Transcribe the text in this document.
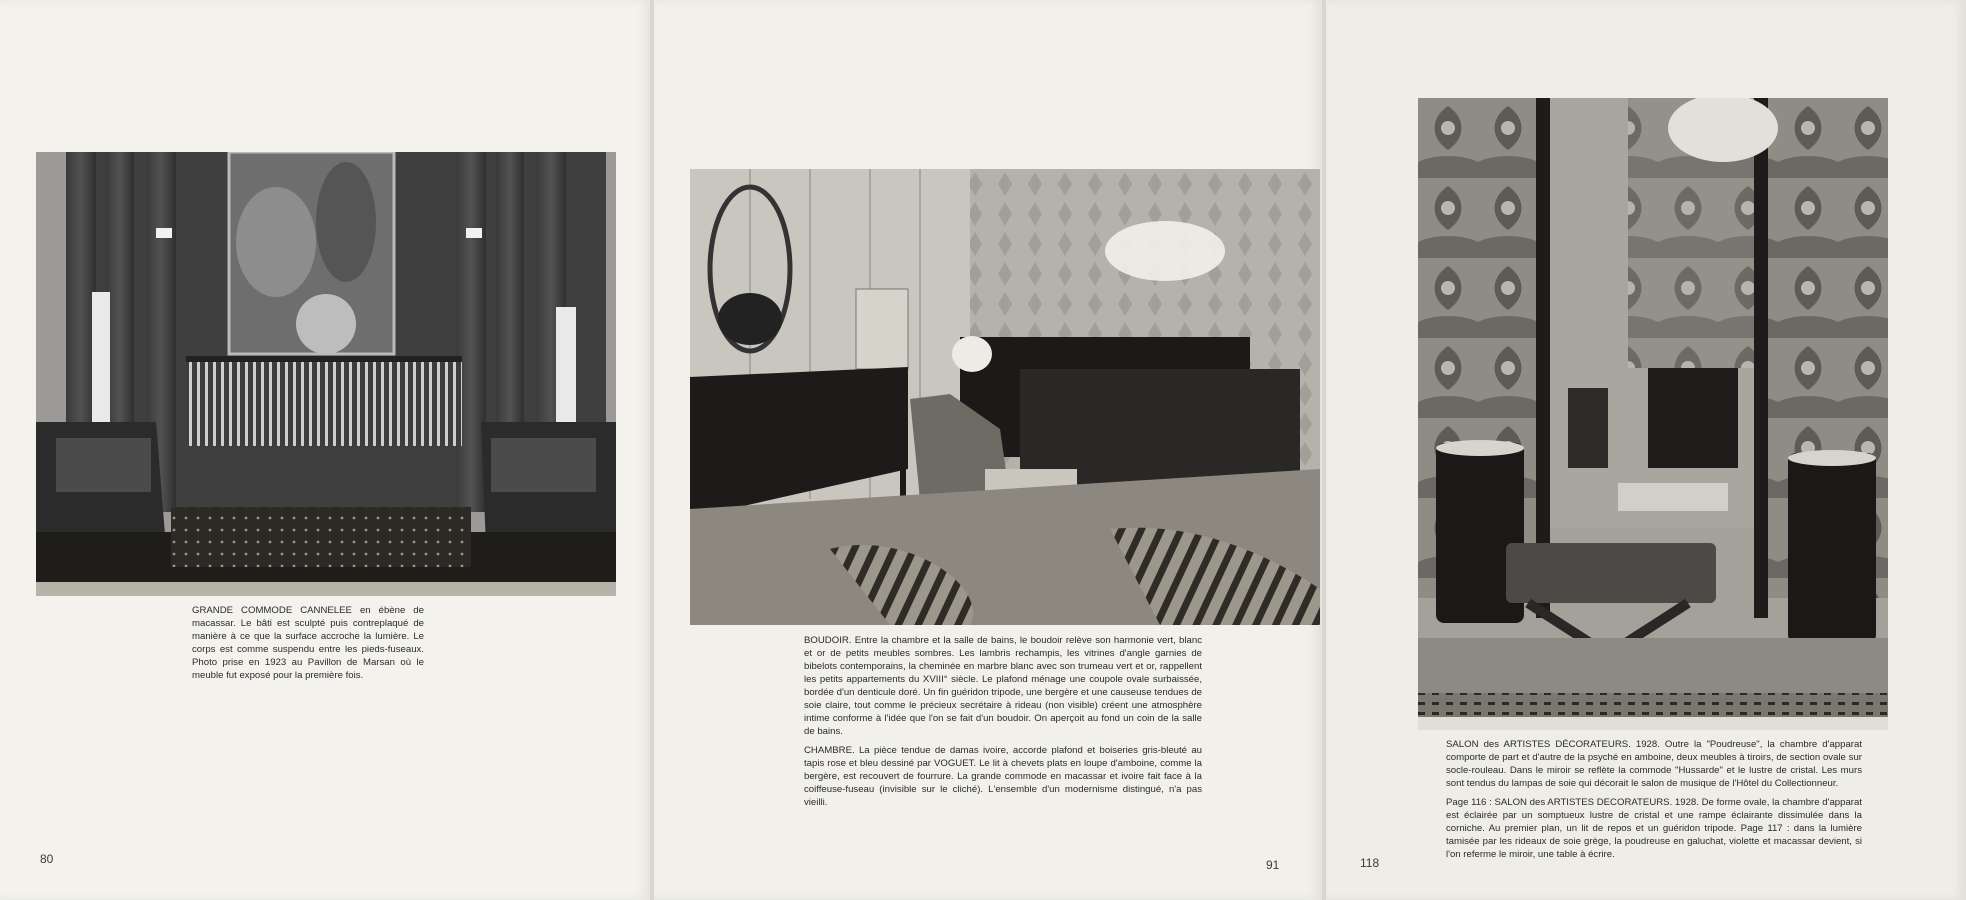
GRANDE COMMODE CANNELEE en ébène de macassar. Le bâti est sculpté puis contreplaqué de manière à ce que la surface accroche la lumière. Le corps est comme suspendu entre les pieds-fuseaux. Photo prise en 1923 au Pavillon de Marsan où le meuble fut exposé pour la première fois.

80

BOUDOIR. Entre la chambre et la salle de bains, le boudoir relève son harmonie vert, blanc et or de petits meubles sombres. Les lambris rechampis, les vitrines d'angle garnies de bibelots contemporains, la cheminée en marbre blanc avec son trumeau vert et or, rappellent les petits appartements du XVIII° siècle. Le plafond ménage une coupole ovale surbaissée, bordée d'un denticule doré. Un fin guéridon tripode, une bergère et une causeuse tendues de soie claire, tout comme le précieux secrétaire à rideau (non visible) créent une atmosphère intime conforme à l'idée que l'on se fait d'un boudoir. On aperçoit au fond un coin de la salle de bains.

CHAMBRE. La pièce tendue de damas ivoire, accorde plafond et boiseries gris-bleuté au tapis rose et bleu dessiné par VOGUET. Le lit à chevets plats en loupe d'amboine, comme la bergère, est recouvert de fourrure. La grande commode en macassar et ivoire fait face à la coiffeuse-fuseau (invisible sur le cliché). L'ensemble d'un modernisme distingué, n'a pas vieilli.

91

SALON des ARTISTES DÉCORATEURS. 1928. Outre la "Poudreuse", la chambre d'apparat comporte de part et d'autre de la psyché en amboine, deux meubles à tiroirs, de section ovale sur socle-rouleau. Dans le miroir se reflète la commode "Hussarde" et le lustre de cristal. Les murs sont tendus du lampas de soie qui décorait le salon de musique de l'Hôtel du Collectionneur.

Page 116 : SALON des ARTISTES DECORATEURS. 1928. De forme ovale, la chambre d'apparat est éclairée par un somptueux lustre de cristal et une rampe éclairante dissimulée dans la corniche. Au premier plan, un lit de repos et un guéridon tripode. Page 117 : dans la lumière tamisée par les rideaux de soie grège, la poudreuse en galuchat, violette et macassar devient, si l'on referme le miroir, une table à écrire.

118
